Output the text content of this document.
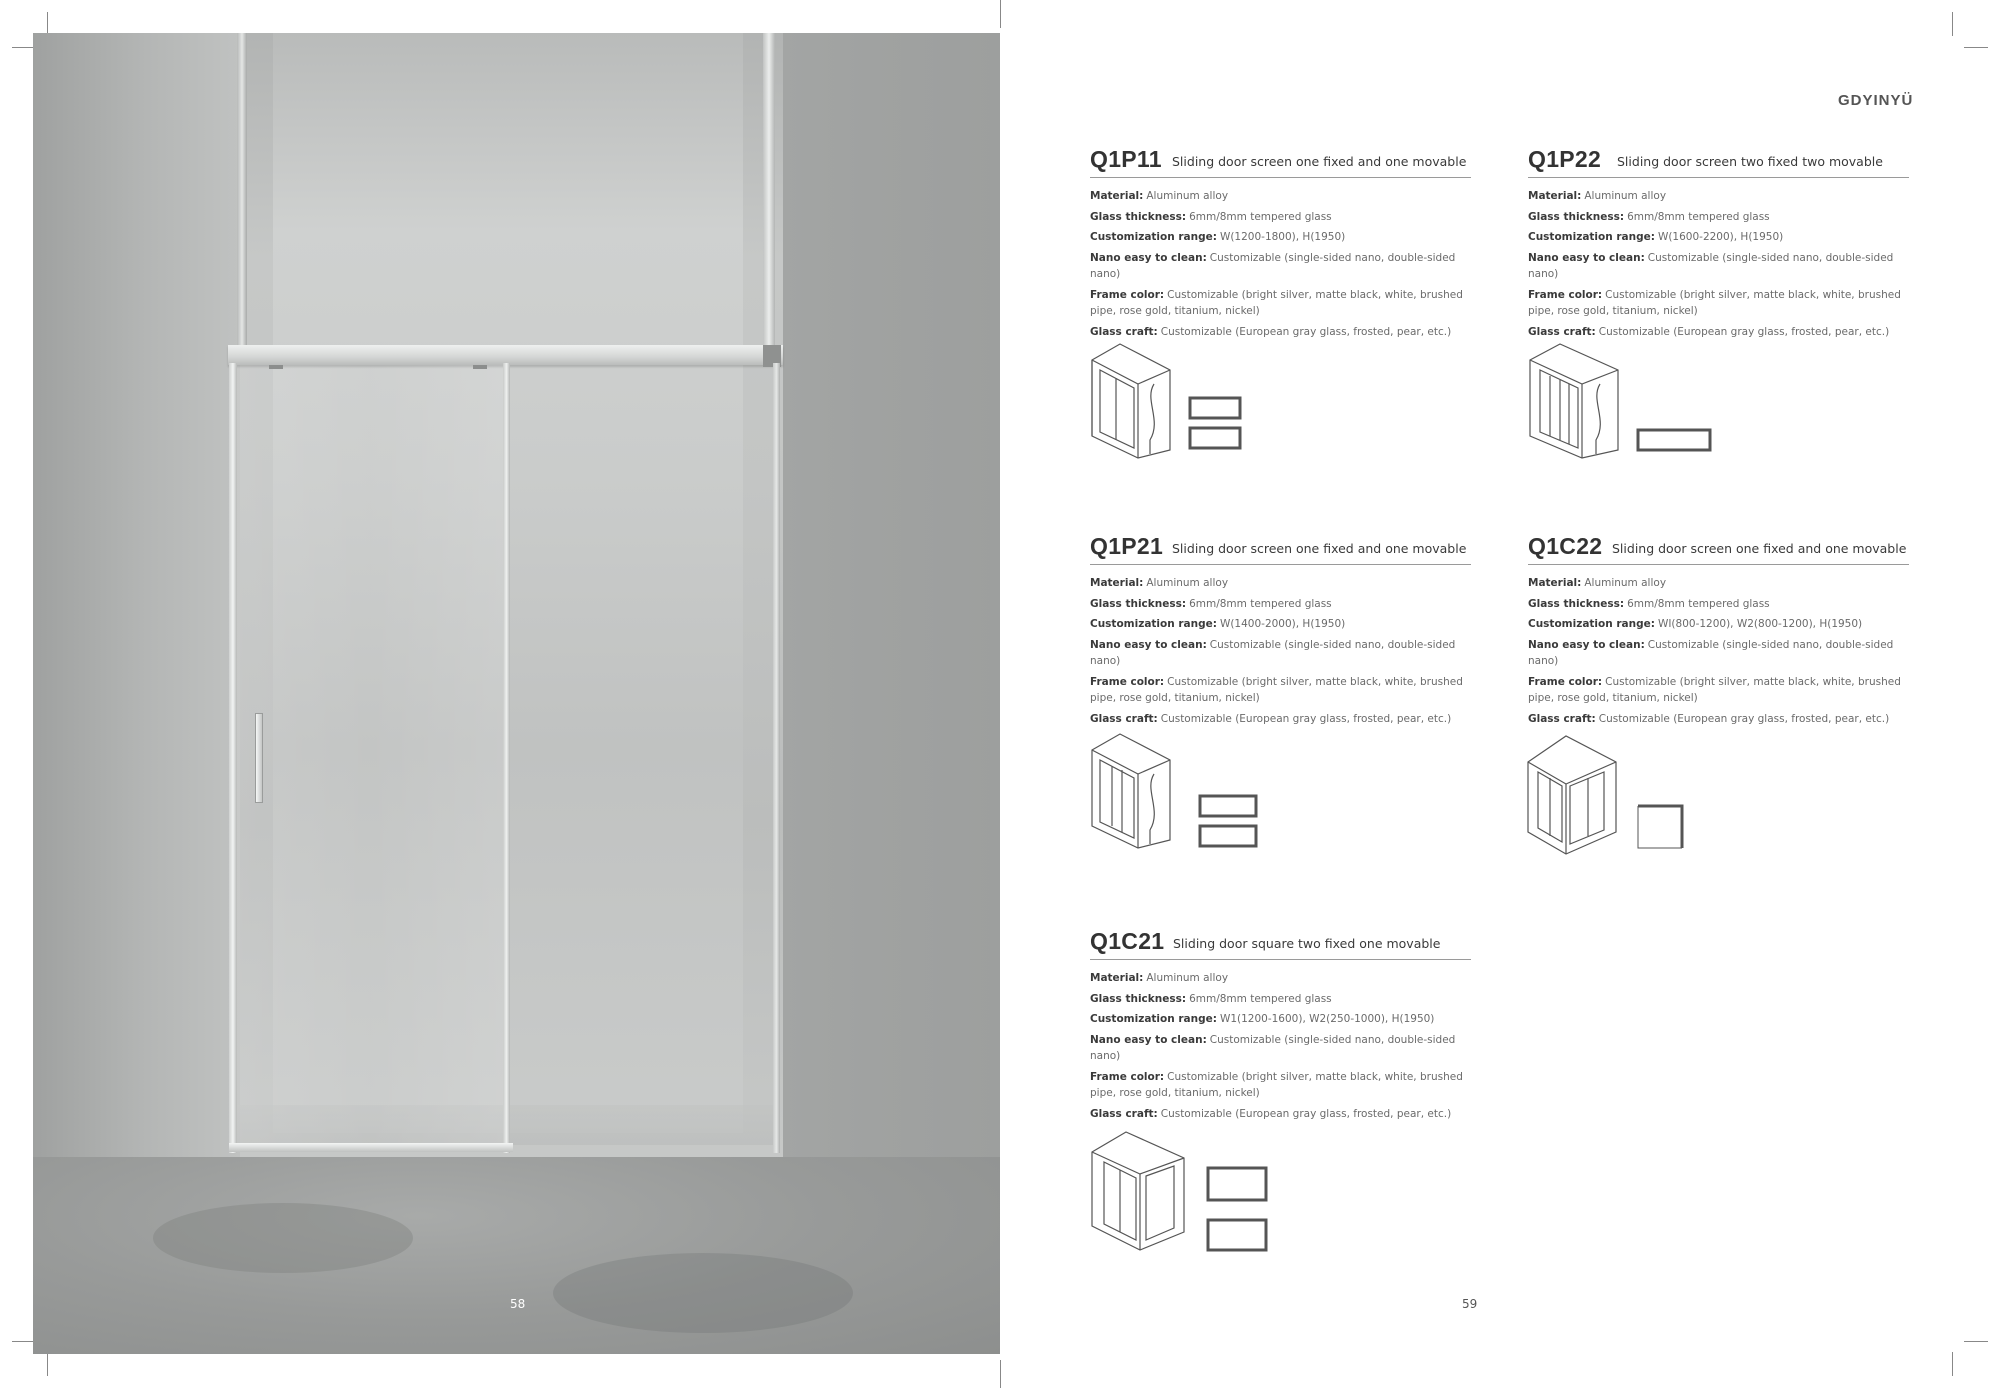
58
GDYINYÜ
Q1P11 Sliding door screen one fixed and one movable
Material: Aluminum alloy
Glass thickness: 6mm/8mm tempered glass
Customization range: W(1200-1800), H(1950)
Nano easy to clean: Customizable (single-sided nano, double-sided nano)
Frame color: Customizable (bright silver, matte black, white, brushed pipe, rose gold, titanium, nickel)
Glass craft: Customizable (European gray glass, frosted, pear, etc.)
Q1P22 Sliding door screen two fixed two movable
Material: Aluminum alloy
Glass thickness: 6mm/8mm tempered glass
Customization range: W(1600-2200), H(1950)
Nano easy to clean: Customizable (single-sided nano, double-sided nano)
Frame color: Customizable (bright silver, matte black, white, brushed pipe, rose gold, titanium, nickel)
Glass craft: Customizable (European gray glass, frosted, pear, etc.)
Q1P21 Sliding door screen one fixed and one movable
Material: Aluminum alloy
Glass thickness: 6mm/8mm tempered glass
Customization range: W(1400-2000), H(1950)
Nano easy to clean: Customizable (single-sided nano, double-sided nano)
Frame color: Customizable (bright silver, matte black, white, brushed pipe, rose gold, titanium, nickel)
Glass craft: Customizable (European gray glass, frosted, pear, etc.)
Q1C22 Sliding door screen one fixed and one movable
Material: Aluminum alloy
Glass thickness: 6mm/8mm tempered glass
Customization range: WI(800-1200), W2(800-1200), H(1950)
Nano easy to clean: Customizable (single-sided nano, double-sided nano)
Frame color: Customizable (bright silver, matte black, white, brushed pipe, rose gold, titanium, nickel)
Glass craft: Customizable (European gray glass, frosted, pear, etc.)
Q1C21 Sliding door square two fixed one movable
Material: Aluminum alloy
Glass thickness: 6mm/8mm tempered glass
Customization range: W1(1200-1600), W2(250-1000), H(1950)
Nano easy to clean: Customizable (single-sided nano, double-sided nano)
Frame color: Customizable (bright silver, matte black, white, brushed pipe, rose gold, titanium, nickel)
Glass craft: Customizable (European gray glass, frosted, pear, etc.)
59
